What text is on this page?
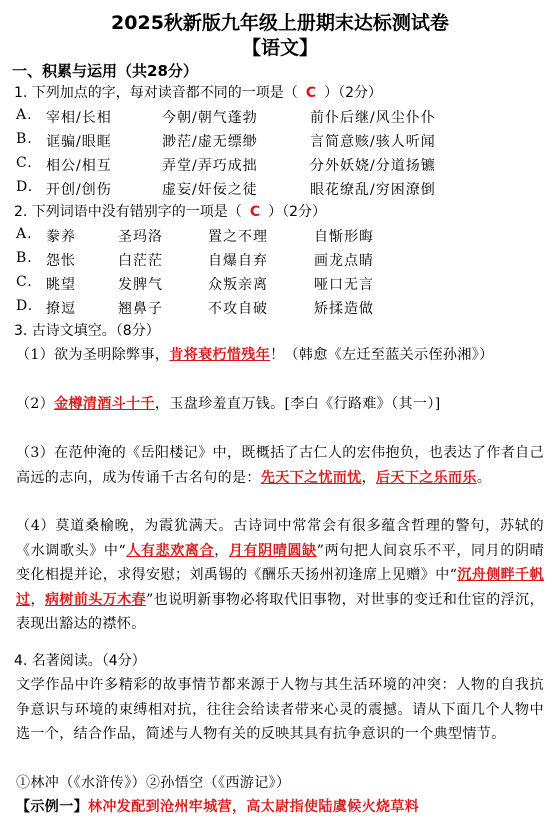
2025秋新版九年级上册期末达标测试卷
【语文】
一、积累与运用（共28分）
1. 下列加点的字，每对读音都不同的一项是（ C ）（2分）
A. 宰相/长相	今朝/朝气蓬勃	前仆后继/风尘仆仆
B. 诓骗/眼眶	渺茫/虚无缥缈	言简意赅/骇人听闻
C. 相公/相互	弄堂/弄巧成拙	分外妖娆/分道扬镳
D. 开创/创伤	虚妄/奸佞之徒	眼花缭乱/穷困潦倒
2. 下列词语中没有错别字的一项是（ C ）（2分）
A. 豢养	圣玛洛	置之不理	自惭形晦
B. 怨怅	白茫茫	自爆自弃	画龙点睛
C. 眺望	发脾气	众叛亲离	哑口无言
D. 撩逗	翘鼻子	不攻自破	矫揉造做
3. 古诗文填空。（8分）
（1）欲为圣明除弊事，肯将衰朽惜残年！（韩愈《左迁至蓝关示侄孙湘》）
（2）金樽清酒斗十千，玉盘珍羞直万钱。[李白《行路难》（其一）]
（3）在范仲淹的《岳阳楼记》中，既概括了古仁人的宏伟抱负，也表达了作者自己高远的志向，成为传诵千古名句的是：先天下之忧而忧，后天下之乐而乐。
（4）莫道桑榆晚，为霞犹满天。古诗词中常常会有很多蕴含哲理的警句，苏轼的《水调歌头》中“人有悲欢离合，月有阴晴圆缺”两句把人间哀乐不平，同月的阴晴变化相提并论，求得安慰；刘禹锡的《酬乐天扬州初逢席上见赠》中“沉舟侧畔千帆过，病树前头万木春”也说明新事物必将取代旧事物，对世事的变迁和仕宦的浮沉，表现出豁达的襟怀。
4. 名著阅读。（4分）
文学作品中许多精彩的故事情节都来源于人物与其生活环境的冲突：人物的自我抗争意识与环境的束缚相对抗，往往会给读者带来心灵的震撼。请从下面几个人物中选一个，结合作品，简述与人物有关的反映其具有抗争意识的一个典型情节。
①林冲（《水浒传》）②孙悟空（《西游记》）
【示例一】林冲发配到沧州牢城营，高太尉指使陆虞候火烧草料
